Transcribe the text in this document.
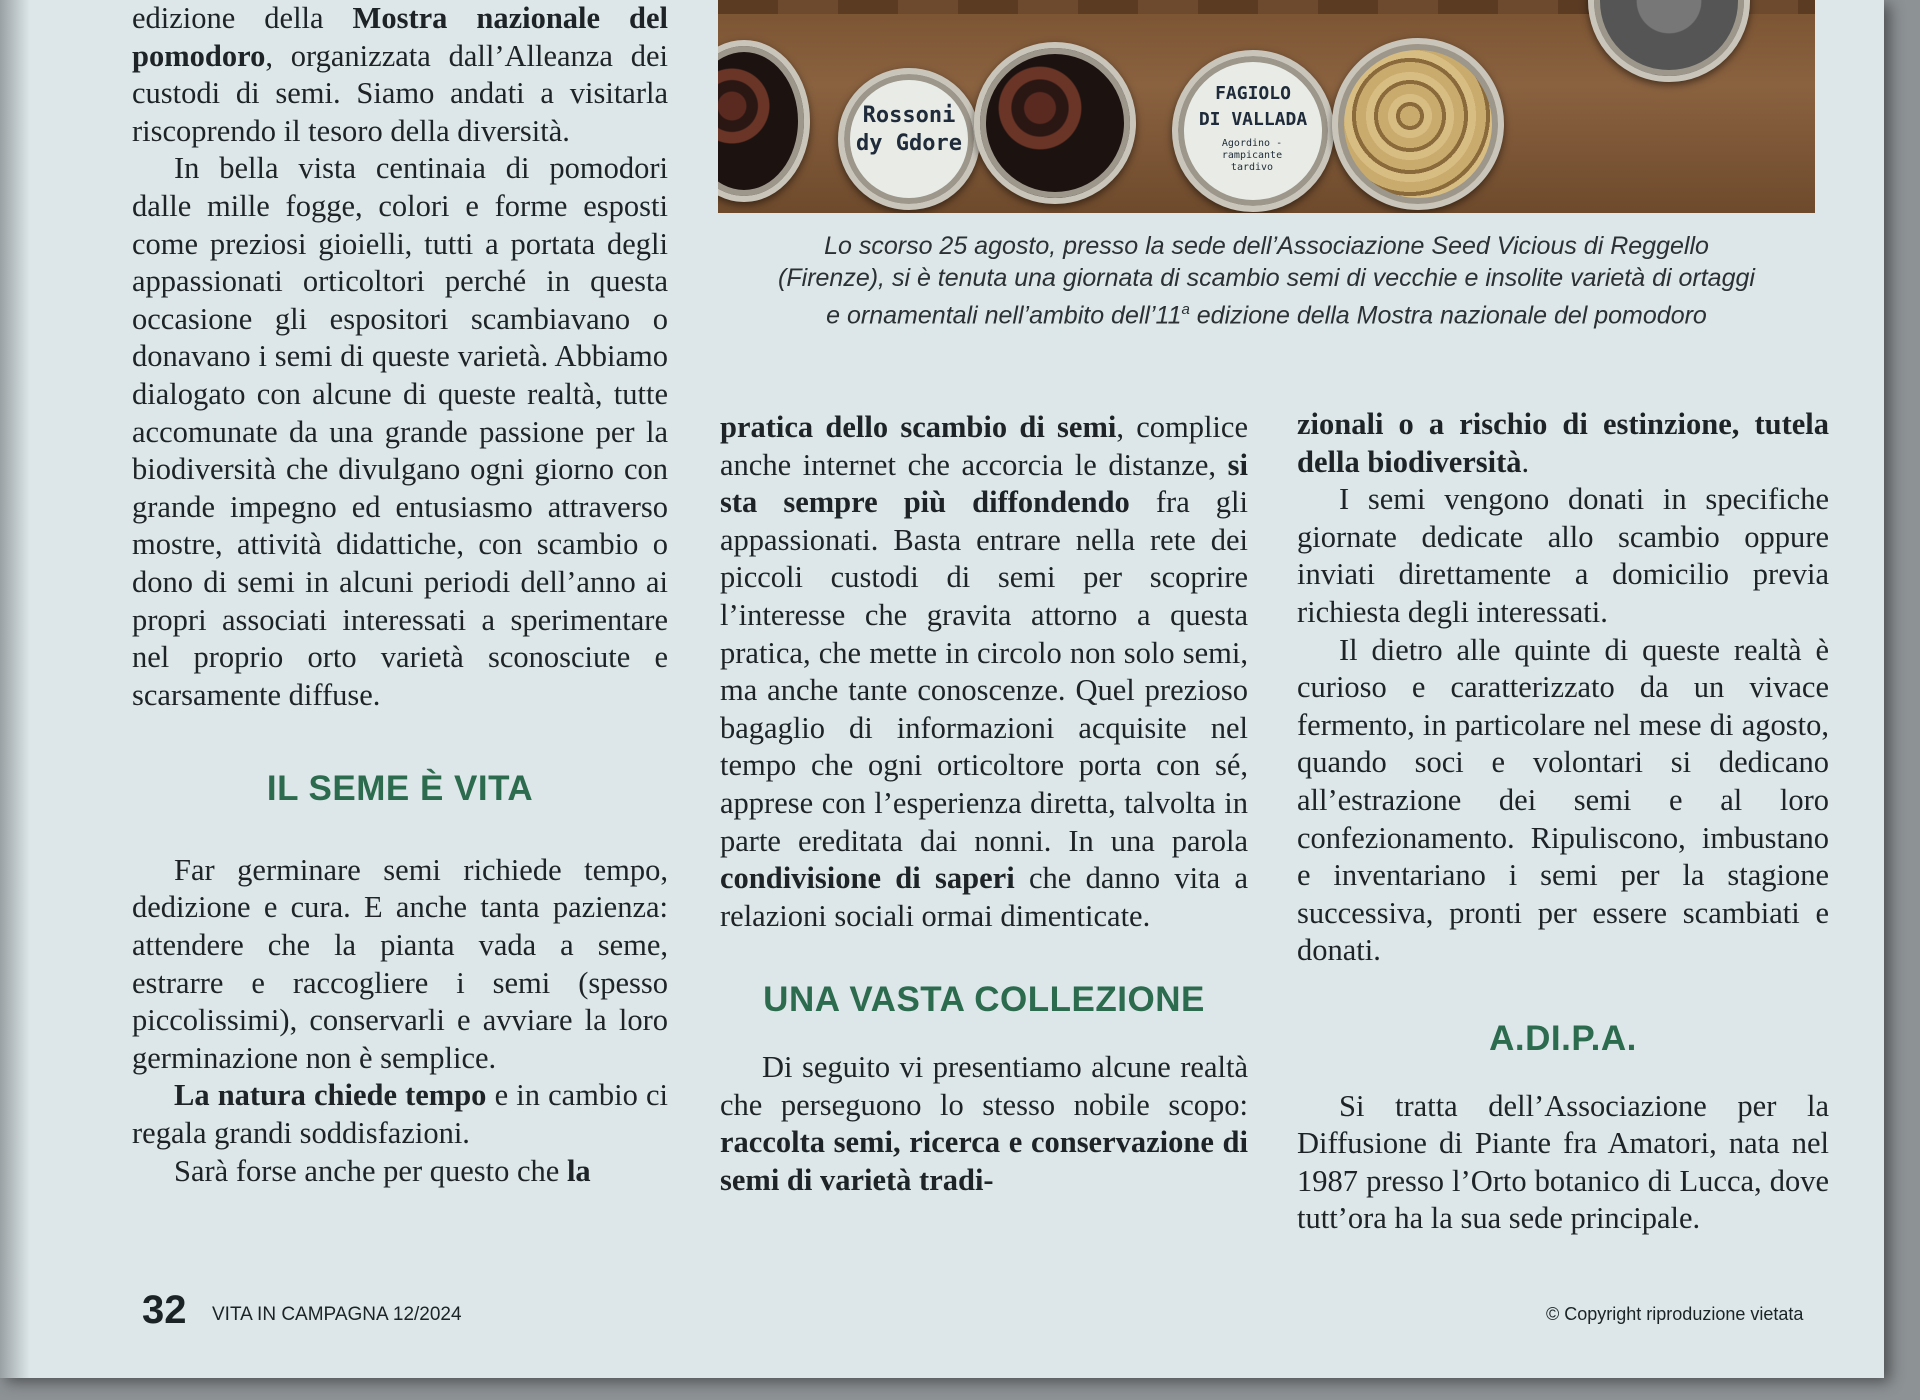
edizione della Mostra nazionale del pomodoro, organizzata dall’Alleanza dei custodi di semi. Siamo andati a visitarla riscoprendo il tesoro della diversità.

In bella vista centinaia di pomodori dalle mille fogge, colori e forme esposti come preziosi gioielli, tutti a portata degli appassionati orticoltori perché in questa occasione gli espositori scambiavano o donavano i semi di queste varietà. Abbiamo dialogato con alcune di queste realtà, tutte accomunate da una grande passione per la biodiversità che divulgano ogni giorno con grande impegno ed entusiasmo attraverso mostre, attività didattiche, con scambio o dono di semi in alcuni periodi dell’anno ai propri associati interessati a sperimentare nel proprio orto varietà sconosciute e scarsamente diffuse.

IL SEME È VITA

Far germinare semi richiede tempo, dedizione e cura. E anche tanta pazienza: attendere che la pianta vada a seme, estrarre e raccogliere i semi (spesso piccolissimi), conservarli e avviare la loro germinazione non è semplice.

La natura chiede tempo e in cambio ci regala grandi soddisfazioni.

Sarà forse anche per questo che la

Rossoni dy Gdore
FAGIOLO
DI VALLADA
Agordino - rampicante tardivo
Lo scorso 25 agosto, presso la sede dell’Associazione Seed Vicious di Reggello
(Firenze), si è tenuta una giornata di scambio semi di vecchie e insolite varietà di ortaggi
e ornamentali nell’ambito dell’11$^a$ edizione della Mostra nazionale del pomodoro

pratica dello scambio di semi, complice anche internet che accorcia le distanze, si sta sempre più diffondendo fra gli appassionati. Basta entrare nella rete dei piccoli custodi di semi per scoprire l’interesse che gravita attorno a questa pratica, che mette in circolo non solo semi, ma anche tante conoscenze. Quel prezioso bagaglio di informazioni acquisite nel tempo che ogni orticoltore porta con sé, apprese con l’esperienza diretta, talvolta in parte ereditata dai nonni. In una parola condivisione di saperi che danno vita a relazioni sociali ormai dimenticate.

UNA VASTA COLLEZIONE

Di seguito vi presentiamo alcune realtà che perseguono lo stesso nobile scopo: raccolta semi, ricerca e conservazione di semi di varietà tradi-

zionali o a rischio di estinzione, tutela della biodiversità.

I semi vengono donati in specifiche giornate dedicate allo scambio oppure inviati direttamente a domicilio previa richiesta degli interessati.

Il dietro alle quinte di queste realtà è curioso e caratterizzato da un vivace fermento, in particolare nel mese di agosto, quando soci e volontari si dedicano all’estrazione dei semi e al loro confezionamento. Ripuliscono, imbustano e inventariano i semi per la stagione successiva, pronti per essere scambiati e donati.

A.DI.P.A.

Si tratta dell’Associazione per la Diffusione di Piante fra Amatori, nata nel 1987 presso l’Orto botanico di Lucca, dove tutt’ora ha la sua sede principale.

32 VITA IN CAMPAGNA 12/2024	© Copyright riproduzione vietata
